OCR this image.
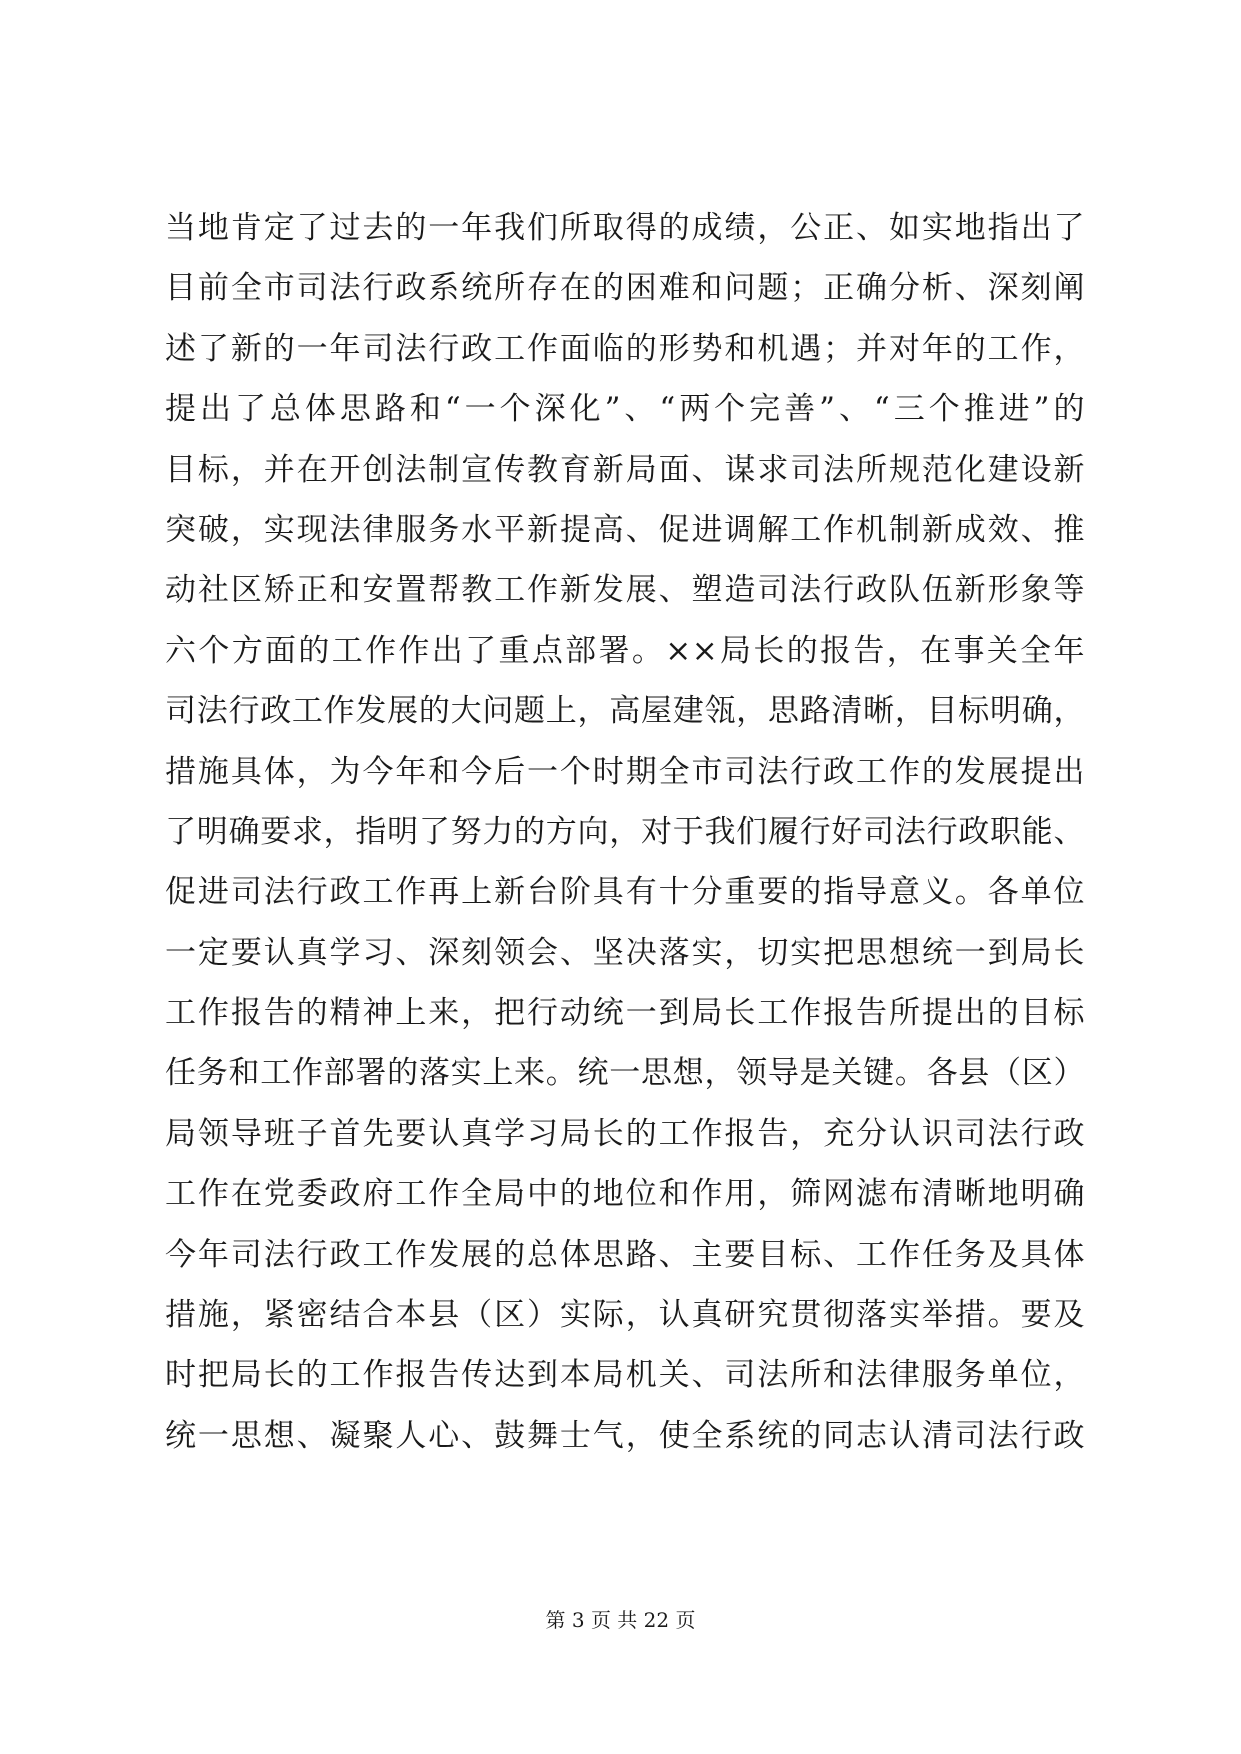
当地肯定了过去的一年我们所取得的成绩，公正、如实地指出了
目前全市司法行政系统所存在的困难和问题；正确分析、深刻阐
述了新的一年司法行政工作面临的形势和机遇；并对年的工作，
提出了总体思路和“一个深化”、“两个完善”、“三个推进”的
目标，并在开创法制宣传教育新局面、谋求司法所规范化建设新
突破，实现法律服务水平新提高、促进调解工作机制新成效、推
动社区矫正和安置帮教工作新发展、塑造司法行政队伍新形象等
六个方面的工作作出了重点部署。××局长的报告，在事关全年
司法行政工作发展的大问题上，高屋建瓴，思路清晰，目标明确，
措施具体，为今年和今后一个时期全市司法行政工作的发展提出
了明确要求，指明了努力的方向，对于我们履行好司法行政职能、
促进司法行政工作再上新台阶具有十分重要的指导意义。各单位
一定要认真学习、深刻领会、坚决落实，切实把思想统一到局长
工作报告的精神上来，把行动统一到局长工作报告所提出的目标
任务和工作部署的落实上来。统一思想，领导是关键。各县（区）
局领导班子首先要认真学习局长的工作报告，充分认识司法行政
工作在党委政府工作全局中的地位和作用，筛网滤布清晰地明确
今年司法行政工作发展的总体思路、主要目标、工作任务及具体
措施，紧密结合本县（区）实际，认真研究贯彻落实举措。要及
时把局长的工作报告传达到本局机关、司法所和法律服务单位，
统一思想、凝聚人心、鼓舞士气，使全系统的同志认清司法行政
第 3 页 共 22 页
